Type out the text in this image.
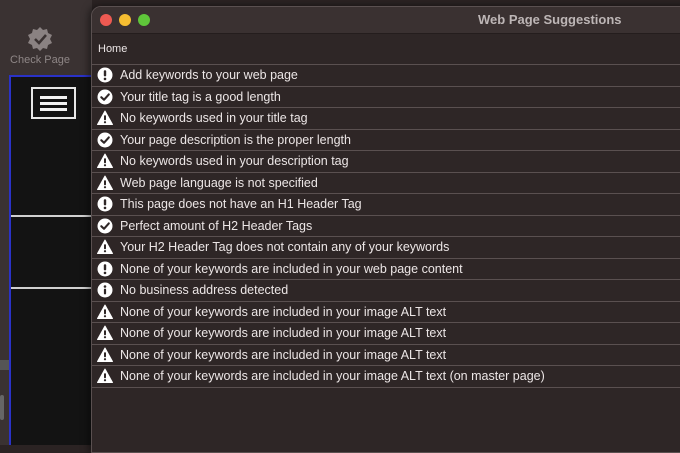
Check Page
Web Page Suggestions
Home
Add keywords to your web page
Your title tag is a good length
No keywords used in your title tag
Your page description is the proper length
No keywords used in your description tag
Web page language is not specified
This page does not have an H1 Header Tag
Perfect amount of H2 Header Tags
Your H2 Header Tag does not contain any of your keywords
None of your keywords are included in your web page content
No business address detected
None of your keywords are included in your image ALT text
None of your keywords are included in your image ALT text
None of your keywords are included in your image ALT text
None of your keywords are included in your image ALT text (on master page)
